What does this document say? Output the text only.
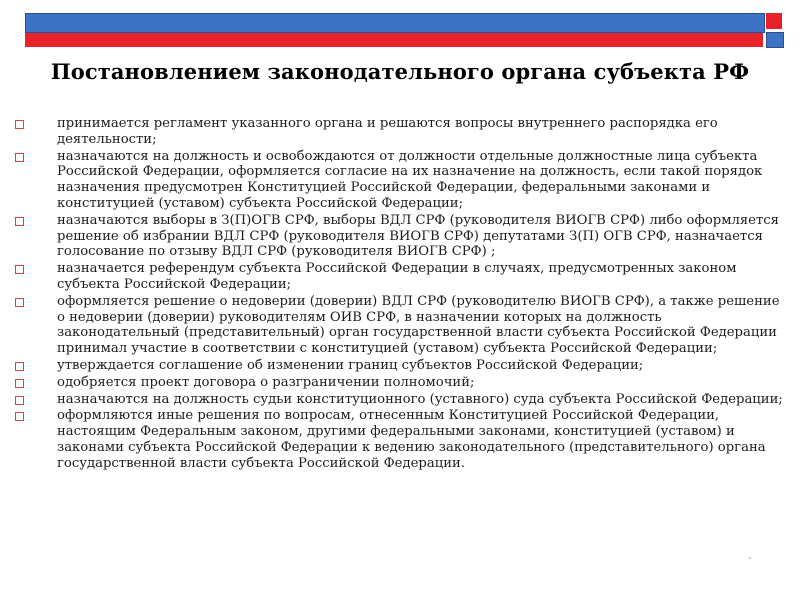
Постановлением законодательного органа субъекта РФ
принимается регламент указанного органа и решаются вопросы внутреннего распорядка его деятельности;
назначаются на должность и освобождаются от должности отдельные должностные лица субъекта Российской Федерации, оформляется согласие на их назначение на должность, если такой порядок назначения предусмотрен Конституцией Российской Федерации, федеральными законами и конституцией (уставом) субъекта Российской Федерации;
назначаются выборы в З(П)ОГВ СРФ, выборы ВДЛ СРФ (руководителя ВИОГВ СРФ) либо оформляется решение об избрании ВДЛ СРФ (руководителя ВИОГВ СРФ) депутатами З(П) ОГВ СРФ, назначается голосование по отзыву ВДЛ СРФ (руководителя ВИОГВ СРФ) ;
назначается референдум субъекта Российской Федерации в случаях, предусмотренных законом субъекта Российской Федерации;
оформляется решение о недоверии (доверии) ВДЛ СРФ (руководителю ВИОГВ СРФ), а также решение о недоверии (доверии) руководителям ОИВ СРФ, в назначении которых на должность законодательный (представительный) орган государственной власти субъекта Российской Федерации принимал участие в соответствии с конституцией (уставом) субъекта Российской Федерации;
утверждается соглашение об изменении границ субъектов Российской Федерации;
одобряется проект договора о разграничении полномочий;
назначаются на должность судьи конституционного (уставного) суда субъекта Российской Федерации;
оформляются иные решения по вопросам, отнесенным Конституцией Российской Федерации, настоящим Федеральным законом, другими федеральными законами, конституцией (уставом) и законами субъекта Российской Федерации к ведению законодательного (представительного) органа государственной власти субъекта Российской Федерации.
-
